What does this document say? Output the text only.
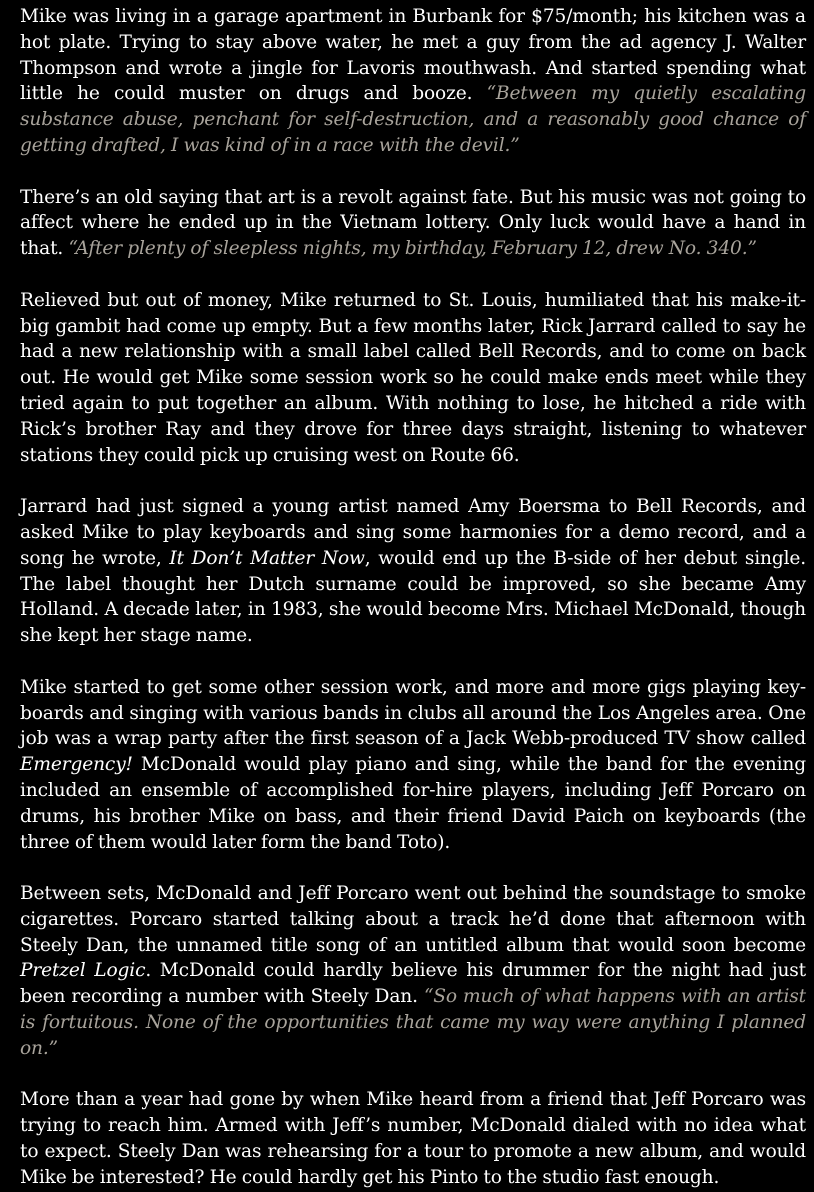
Mike was living in a garage apartment in Burbank for $75/month; his kitchen was a hot plate. Trying to stay above water, he met a guy from the ad agency J. Walter Thompson and wrote a jingle for Lavoris mouthwash. And started spending what little he could muster on drugs and booze. “Between my quietly escalating substance abuse, penchant for self-destruction, and a reasonably good chance of getting drafted, I was kind of in a race with the devil.”

There’s an old saying that art is a revolt against fate. But his music was not going to affect where he ended up in the Vietnam lottery. Only luck would have a hand in that. “After plenty of sleepless nights, my birthday, February 12, drew No. 340.”

Relieved but out of money, Mike returned to St. Louis, humiliated that his make-it-big gambit had come up empty. But a few months later, Rick Jarrard called to say he had a new relationship with a small label called Bell Records, and to come on back out. He would get Mike some session work so he could make ends meet while they tried again to put together an album. With nothing to lose, he hitched a ride with Rick’s brother Ray and they drove for three days straight, listening to whatever stations they could pick up cruising west on Route 66.

Jarrard had just signed a young artist named Amy Boersma to Bell Records, and asked Mike to play keyboards and sing some harmonies for a demo record, and a song he wrote, It Don’t Matter Now, would end up the B-side of her debut single. The label thought her Dutch surname could be improved, so she became Amy Holland. A decade later, in 1983, she would become Mrs. Michael McDonald, though she kept her stage name.

Mike started to get some other session work, and more and more gigs playing key-boards and singing with various bands in clubs all around the Los Angeles area. One job was a wrap party after the first season of a Jack Webb-produced TV show called Emergency! McDonald would play piano and sing, while the band for the evening included an ensemble of accomplished for-hire players, including Jeff Porcaro on drums, his brother Mike on bass, and their friend David Paich on keyboards (the three of them would later form the band Toto).

Between sets, McDonald and Jeff Porcaro went out behind the soundstage to smoke cigarettes. Porcaro started talking about a track he’d done that afternoon with Steely Dan, the unnamed title song of an untitled album that would soon become Pretzel Logic. McDonald could hardly believe his drummer for the night had just been recording a number with Steely Dan. “So much of what happens with an artist is fortuitous. None of the opportunities that came my way were anything I planned on.”

More than a year had gone by when Mike heard from a friend that Jeff Porcaro was trying to reach him. Armed with Jeff’s number, McDonald dialed with no idea what to expect. Steely Dan was rehearsing for a tour to promote a new album, and would Mike be interested? He could hardly get his Pinto to the studio fast enough.
